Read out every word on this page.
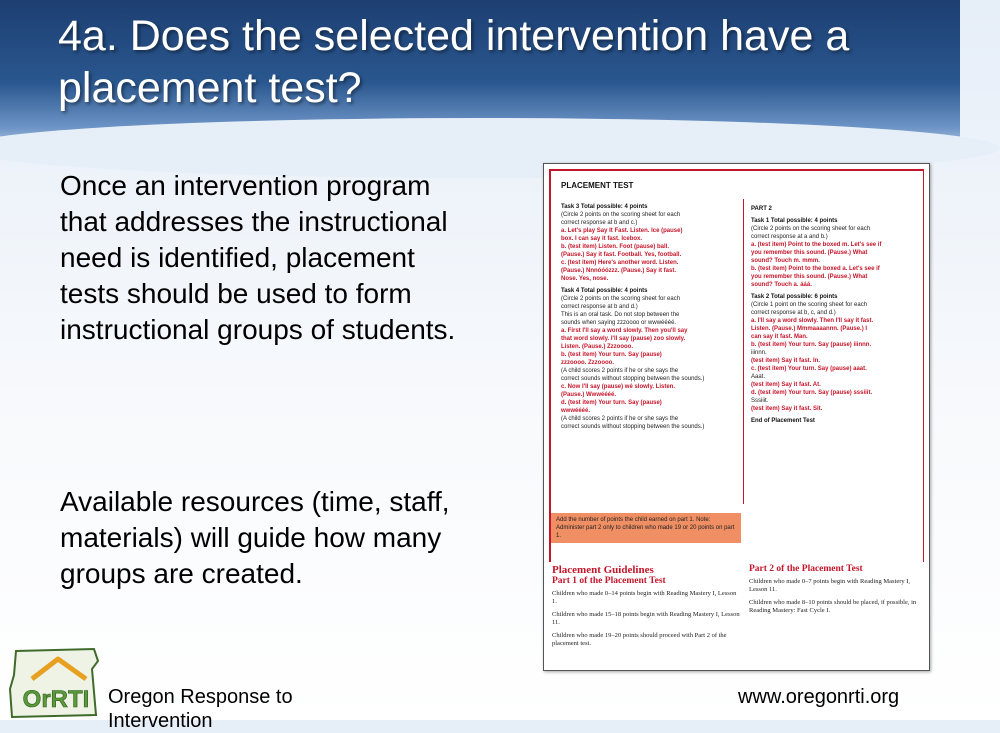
4a. Does the selected intervention have a placement test?

Once an intervention program that addresses the instructional need is identified, placement tests should be used to form instructional groups of students.

Available resources (time, staff, materials) will guide how many groups are created.

PLACEMENT TEST
Task 3 Total possible: 4 points
(Circle 2 points on the scoring sheet for each
correct response at b and c.)
a. Let's play Say It Fast. Listen. Ice (pause)
box. I can say it fast. Icebox.
b. (test item) Listen. Foot (pause) ball.
(Pause.) Say it fast. Football. Yes, football.
c. (test item) Here's another word. Listen.
(Pause.) Nnnóóózzz. (Pause.) Say it fast.
Nose. Yes, nose.
Task 4 Total possible: 4 points
(Circle 2 points on the scoring sheet for each
correct response at b and d.)
This is an oral task. Do not stop between the
sounds when saying zzzoooo or wwwéééé.
a. First I'll say a word slowly. Then you'll say
that word slowly. I'll say (pause) zoo slowly.
Listen. (Pause.) Zzzoooo.
b. (test item) Your turn. Say (pause)
zzzoooo. Zzzoooo.
(A child scores 2 points if he or she says the
correct sounds without stopping between the sounds.)
c. Now I'll say (pause) wé slowly. Listen.
(Pause.) Wwwéééé.
d. (test item) Your turn. Say (pause)
wwwéééé.
(A child scores 2 points if he or she says the
correct sounds without stopping between the sounds.)
PART 2
Task 1 Total possible: 4 points
(Circle 2 points on the scoring sheet for each
correct response at a and b.)
a. (test item) Point to the boxed m. Let's see if
you remember this sound. (Pause.) What
sound? Touch m. mmm.
b. (test item) Point to the boxed a. Let's see if
you remember this sound. (Pause.) What
sound? Touch a. ááá.
Task 2 Total possible: 6 points
(Circle 1 point on the scoring sheet for each
correct response at b, c, and d.)
a. I'll say a word slowly. Then I'll say it fast.
Listen. (Pause.) Mmmaaaannn. (Pause.) I
can say it fast. Man.
b. (test item) Your turn. Say (pause) iiinnn.
iiinnn.
(test item) Say it fast. In.
c. (test item) Your turn. Say (pause) aaat.
Aaat.
(test item) Say it fast. At.
d. (test item) Your turn. Say (pause) sssiiit.
Sssiiit.
(test item) Say it fast. Sit.
End of Placement Test
Add the number of points the child earned on part 1. Note: Administer part 2 only to children who made 19 or 20 points on part 1.
Placement Guidelines
Part 1 of the Placement Test
Children who made 0–14 points begin with Reading Mastery I, Lesson 1.
Children who made 15–18 points begin with Reading Mastery I, Lesson 11.
Children who made 19–20 points should proceed with Part 2 of the placement test.
Part 2 of the Placement Test
Children who made 0–7 points begin with Reading Mastery I, Lesson 11.
Children who made 8–10 points should be placed, if possible, in Reading Mastery: Fast Cycle I.
OrRTI Oregon Response to
Intervention
www.oregonrti.org
